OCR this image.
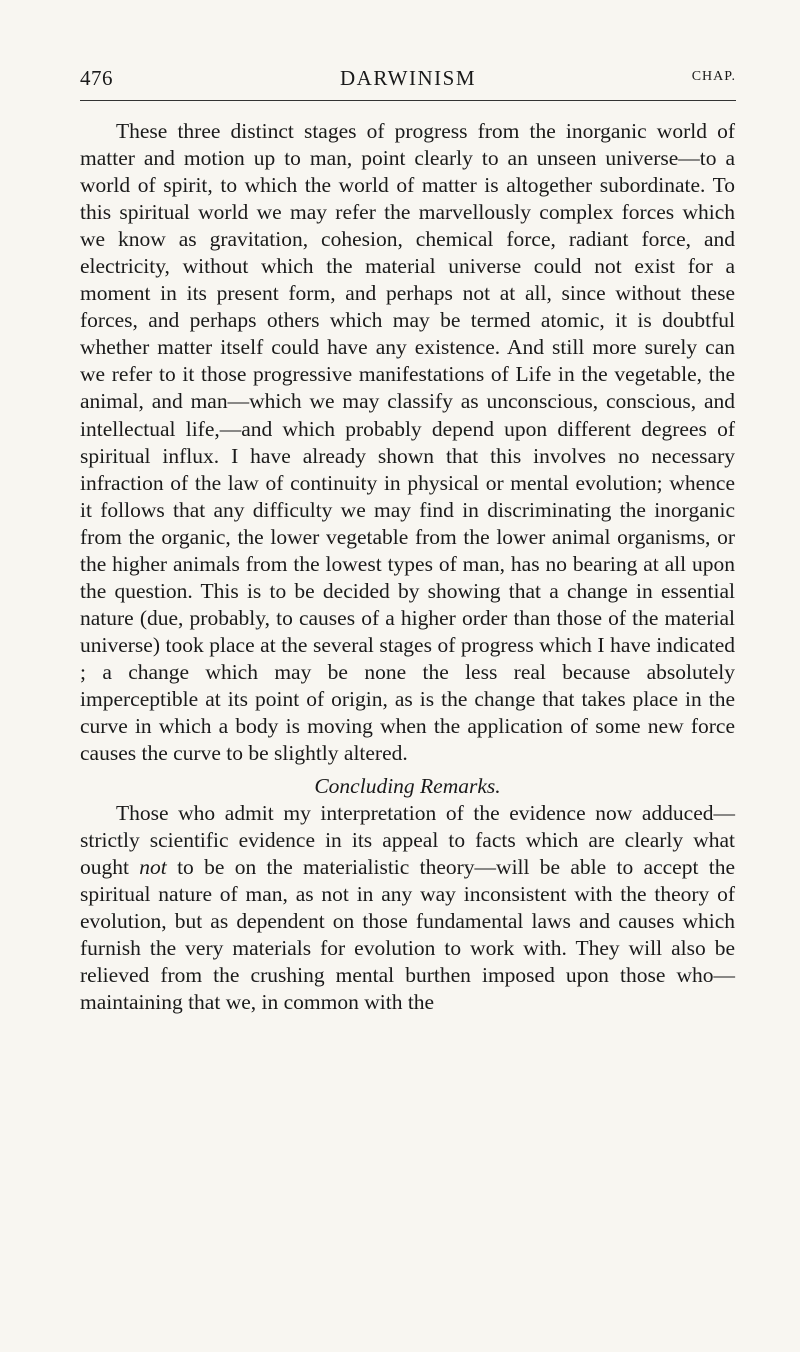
476	DARWINISM	CHAP.

These three distinct stages of progress from the inorganic world of matter and motion up to man, point clearly to an unseen universe—to a world of spirit, to which the world of matter is altogether subordinate. To this spiritual world we may refer the marvellously complex forces which we know as gravitation, cohesion, chemical force, radiant force, and electricity, without which the material universe could not exist for a moment in its present form, and perhaps not at all, since without these forces, and perhaps others which may be termed atomic, it is doubtful whether matter itself could have any existence. And still more surely can we refer to it those progressive manifestations of Life in the vegetable, the animal, and man—which we may classify as unconscious, conscious, and intellectual life,—and which probably depend upon different degrees of spiritual influx. I have already shown that this involves no necessary infraction of the law of continuity in physical or mental evolution; whence it follows that any difficulty we may find in discriminating the inorganic from the organic, the lower vegetable from the lower animal organisms, or the higher animals from the lowest types of man, has no bearing at all upon the question. This is to be decided by showing that a change in essential nature (due, probably, to causes of a higher order than those of the material universe) took place at the several stages of progress which I have indicated ; a change which may be none the less real because absolutely imperceptible at its point of origin, as is the change that takes place in the curve in which a body is moving when the application of some new force causes the curve to be slightly altered.

Concluding Remarks.

Those who admit my interpretation of the evidence now adduced—strictly scientific evidence in its appeal to facts which are clearly what ought not to be on the materialistic theory—will be able to accept the spiritual nature of man, as not in any way inconsistent with the theory of evolution, but as dependent on those fundamental laws and causes which furnish the very materials for evolution to work with. They will also be relieved from the crushing mental burthen imposed upon those who—maintaining that we, in common with the
